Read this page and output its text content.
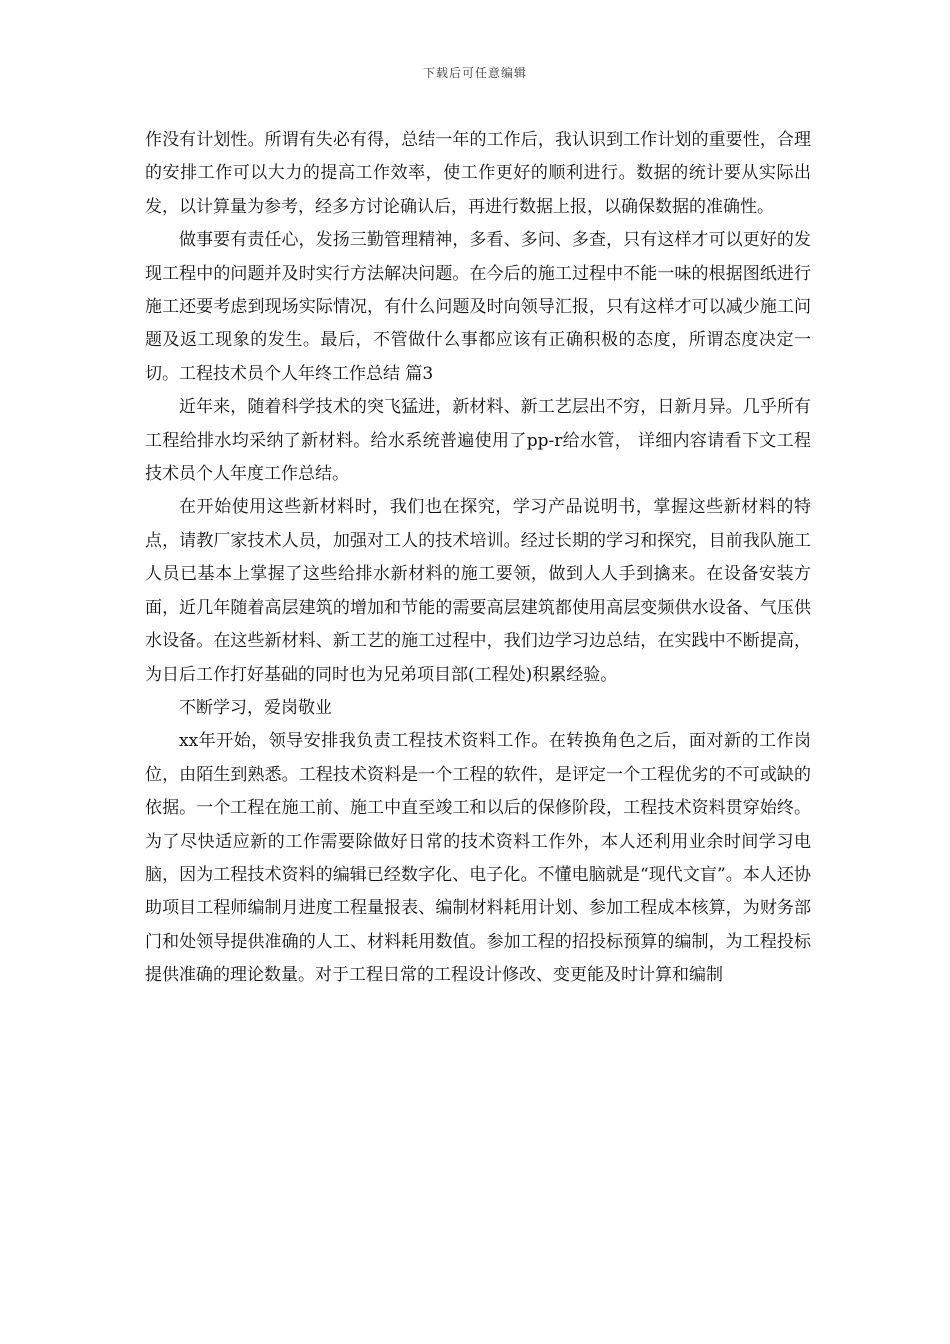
下载后可任意编辑

作没有计划性。所谓有失必有得，总结一年的工作后，我认识到工作计划的重要性，合理的安排工作可以大力的提高工作效率，使工作更好的顺利进行。数据的统计要从实际出发，以计算量为参考，经多方讨论确认后，再进行数据上报，以确保数据的准确性。

做事要有责任心，发扬三勤管理精神，多看、多问、多查，只有这样才可以更好的发现工程中的问题并及时实行方法解决问题。在今后的施工过程中不能一味的根据图纸进行施工还要考虑到现场实际情况，有什么问题及时向领导汇报，只有这样才可以减少施工问题及返工现象的发生。最后，不管做什么事都应该有正确积极的态度，所谓态度决定一切。工程技术员个人年终工作总结 篇3

近年来，随着科学技术的突飞猛进，新材料、新工艺层出不穷，日新月异。几乎所有工程给排水均采纳了新材料。给水系统普遍使用了pp-r给水管， 详细内容请看下文工程技术员个人年度工作总结。

在开始使用这些新材料时，我们也在探究，学习产品说明书，掌握这些新材料的特点，请教厂家技术人员，加强对工人的技术培训。经过长期的学习和探究，目前我队施工人员已基本上掌握了这些给排水新材料的施工要领，做到人人手到擒来。在设备安装方面，近几年随着高层建筑的增加和节能的需要高层建筑都使用高层变频供水设备、气压供水设备。在这些新材料、新工艺的施工过程中，我们边学习边总结，在实践中不断提高，为日后工作打好基础的同时也为兄弟项目部(工程处)积累经验。

不断学习，爱岗敬业

xx年开始，领导安排我负责工程技术资料工作。在转换角色之后，面对新的工作岗位，由陌生到熟悉。工程技术资料是一个工程的软件，是评定一个工程优劣的不可或缺的依据。一个工程在施工前、施工中直至竣工和以后的保修阶段，工程技术资料贯穿始终。为了尽快适应新的工作需要除做好日常的技术资料工作外，本人还利用业余时间学习电脑，因为工程技术资料的编辑已经数字化、电子化。不懂电脑就是“现代文盲”。本人还协助项目工程师编制月进度工程量报表、编制材料耗用计划、参加工程成本核算，为财务部门和处领导提供准确的人工、材料耗用数值。参加工程的招投标预算的编制，为工程投标提供准确的理论数量。对于工程日常的工程设计修改、变更能及时计算和编制
